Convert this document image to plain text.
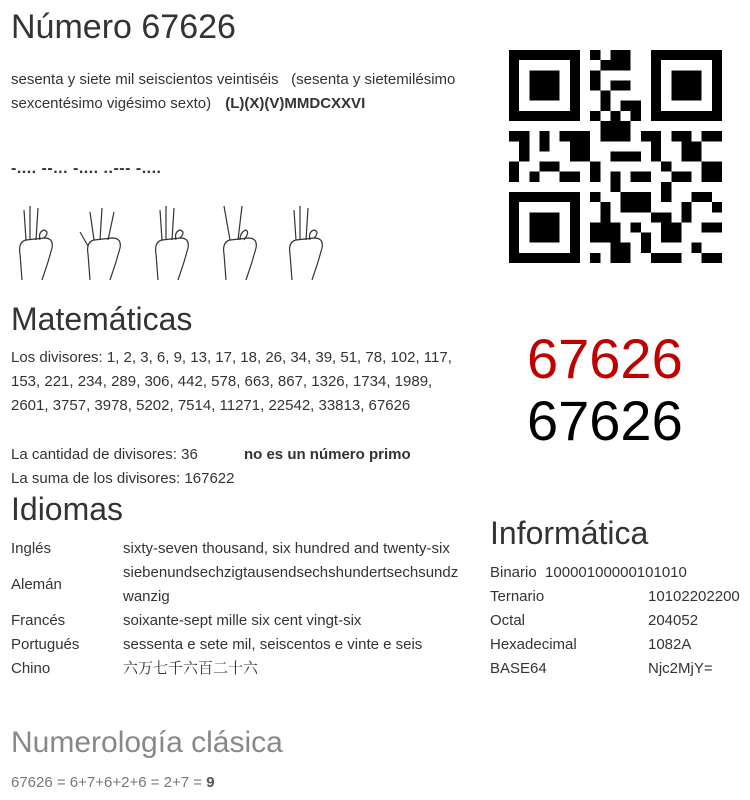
Número 67626
sesenta y siete mil seiscientos veintiséis (sesenta y sietemilésimo sexcentésimo vigésimo sexto) (L)(X)(V)MMDCXXVI
-.... --... -.... ..--- -....
Matemáticas
Los divisores: 1, 2, 3, 6, 9, 13, 17, 18, 26, 34, 39, 51, 78, 102, 117, 153, 221, 234, 289, 306, 442, 578, 663, 867, 1326, 1734, 1989, 2601, 3757, 3978, 5202, 7514, 11271, 22542, 33813, 67626
La cantidad de divisores: 36	no es un número primo
La suma de los divisores: 167622
67626
67626
Idiomas
Inglés	sixty-seven thousand, six hundred and twenty-six
Alemán	siebenundsechzigtausendsechshundertsechsundzwanzig
Francés	soixante-sept mille six cent vingt-six
Portugués	sessenta e sete mil, seiscentos e vinte e seis
Chino	六万七千六百二十六
Informática
Binario 10000100000101010	
Ternario	10102202200
Octal	204052
Hexadecimal	1082A
BASE64	Njc2MjY=
Numerología clásica
67626 = 6+7+6+2+6 = 2+7 = 9
